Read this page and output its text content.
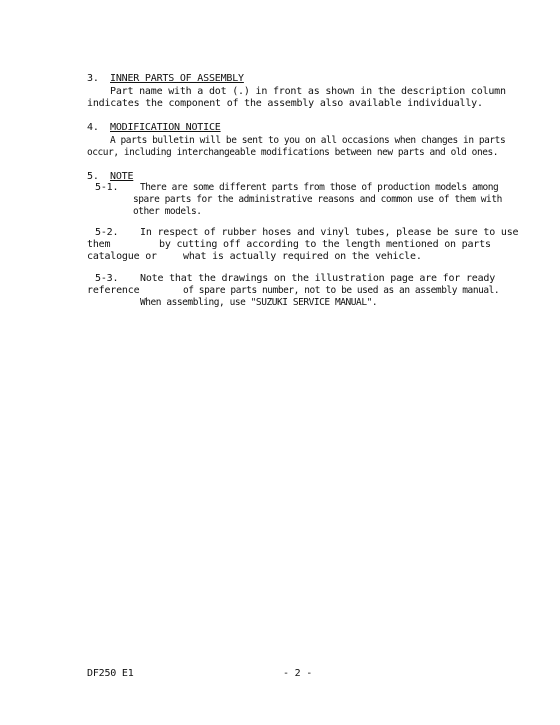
3. INNER PARTS OF ASSEMBLY
Part name with a dot (.) in front as shown in the description column
indicates the component of the assembly also available individually.
4. MODIFICATION NOTICE
A parts bulletin will be sent to you on all occasions when changes in parts
occur, including interchangeable modifications between new parts and old ones.
5. NOTE
5-1. There are some different parts from those of production models among
spare parts for the administrative reasons and common use of them with
other models.
5-2. In respect of rubber hoses and vinyl tubes, please be sure to use
them	by cutting off according to the length mentioned on parts
catalogue or	what is actually required on the vehicle.
5-3. Note that the drawings on the illustration page are for ready
reference	of spare parts number, not to be used as an assembly manual.
When assembling, use "SUZUKI SERVICE MANUAL".
DF250 E1	- 2 -
